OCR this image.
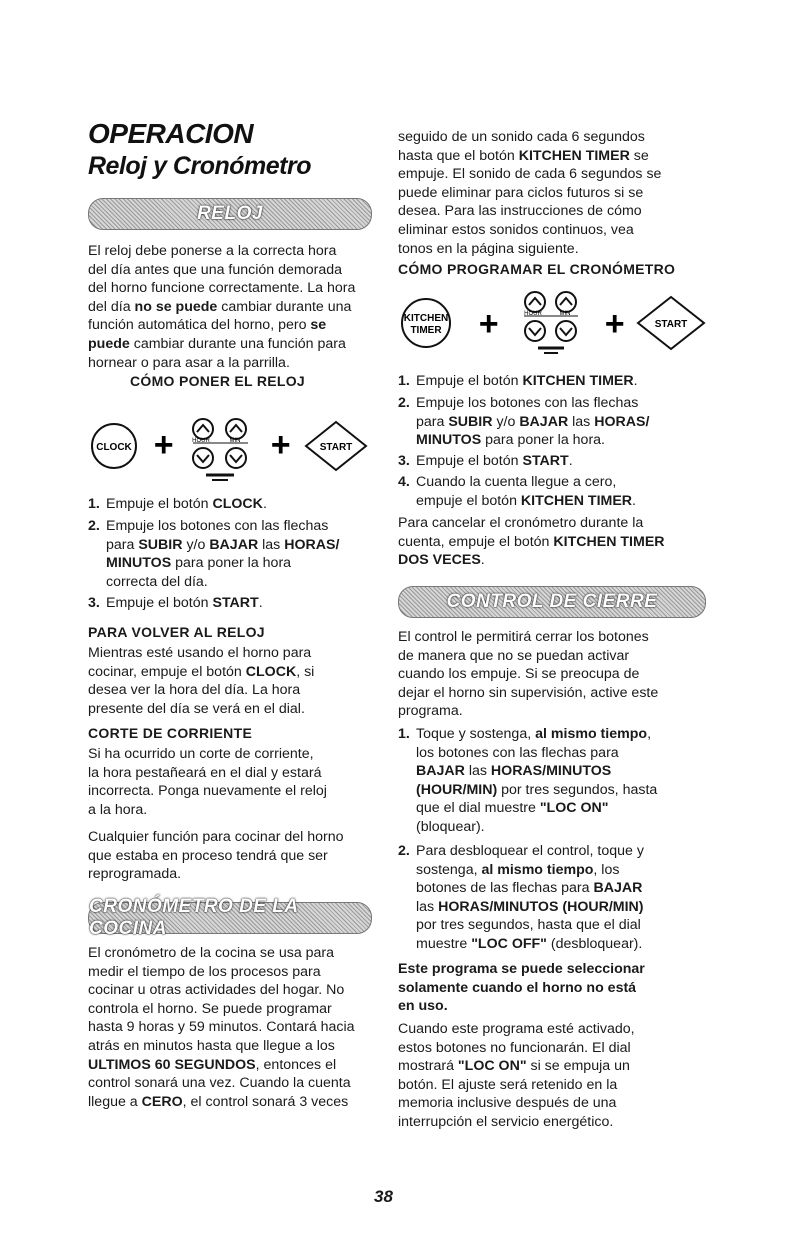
OPERACION
Reloj y Cronómetro
RELOJ
El reloj debe ponerse a la correcta hora
del día antes que una función demorada
del horno funcione correctamente. La hora
del día no se puede cambiar durante una
función automática del horno, pero se
puede cambiar durante una función para
hornear o para asar a la parrilla.
CÓMO PONER EL RELOJ
CLOCK +	HOUR	MIN +	START
1. Empuje el botón CLOCK.
2. Empuje los botones con las flechas
para SUBIR y/o BAJAR las HORAS/
MINUTOS para poner la hora
correcta del día.
3. Empuje el botón START.
PARA VOLVER AL RELOJ
Mientras esté usando el horno para
cocinar, empuje el botón CLOCK, si
desea ver la hora del día. La hora
presente del día se verá en el dial.
CORTE DE CORRIENTE
Si ha ocurrido un corte de corriente,
la hora pestañeará en el dial y estará
incorrecta. Ponga nuevamente el reloj
a la hora.
Cualquier función para cocinar del horno
que estaba en proceso tendrá que ser
reprogramada.
CRONÓMETRO DE LA COCINA
El cronómetro de la cocina se usa para
medir el tiempo de los procesos para
cocinar u otras actividades del hogar. No
controla el horno. Se puede programar
hasta 9 horas y 59 minutos. Contará hacia
atrás en minutos hasta que llegue a los
ULTIMOS 60 SEGUNDOS, entonces el
control sonará una vez. Cuando la cuenta
llegue a CERO, el control sonará 3 veces
seguido de un sonido cada 6 segundos
hasta que el botón KITCHEN TIMER se
empuje. El sonido de cada 6 segundos se
puede eliminar para ciclos futuros si se
desea. Para las instrucciones de cómo
eliminar estos sonidos continuos, vea
tonos en la página siguiente.
CÓMO PROGRAMAR EL CRONÓMETRO
KITCHEN
TIMER +	HOUR	MIN +	START
1. Empuje el botón KITCHEN TIMER.
2. Empuje los botones con las flechas
para SUBIR y/o BAJAR las HORAS/
MINUTOS para poner la hora.
3. Empuje el botón START.
4. Cuando la cuenta llegue a cero,
empuje el botón KITCHEN TIMER.
Para cancelar el cronómetro durante la
cuenta, empuje el botón KITCHEN TIMER
DOS VECES.
CONTROL DE CIERRE
El control le permitirá cerrar los botones
de manera que no se puedan activar
cuando los empuje. Si se preocupa de
dejar el horno sin supervisión, active este
programa.
1. Toque y sostenga, al mismo tiempo,
los botones con las flechas para
BAJAR las HORAS/MINUTOS
(HOUR/MIN) por tres segundos, hasta
que el dial muestre "LOC ON"
(bloquear).
2. Para desbloquear el control, toque y
sostenga, al mismo tiempo, los
botones de las flechas para BAJAR
las HORAS/MINUTOS (HOUR/MIN)
por tres segundos, hasta que el dial
muestre "LOC OFF" (desbloquear).
Este programa se puede seleccionar
solamente cuando el horno no está
en uso.
Cuando este programa esté activado,
estos botones no funcionarán. El dial
mostrará "LOC ON" si se empuja un
botón. El ajuste será retenido en la
memoria inclusive después de una
interrupción el servicio energético.
38
